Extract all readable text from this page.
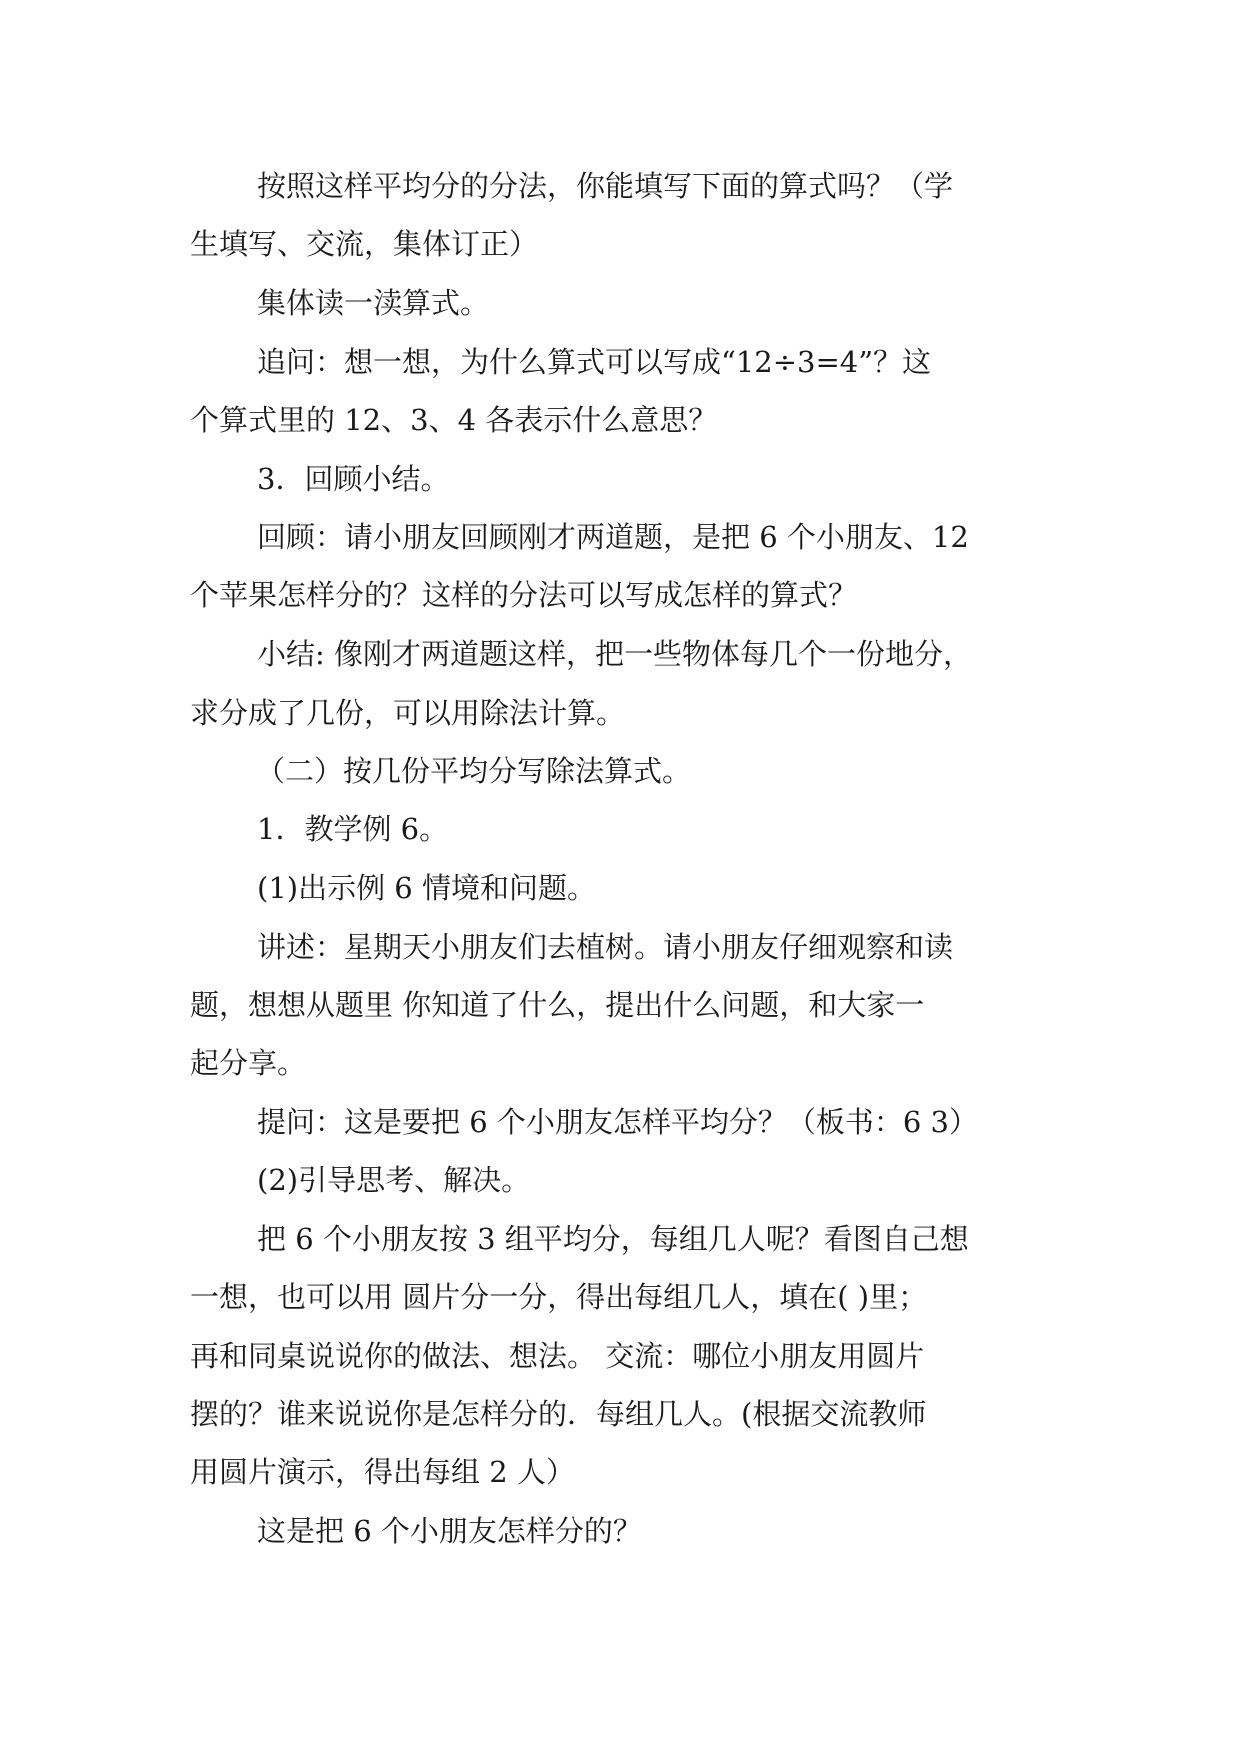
按照这样平均分的分法，你能填写下面的算式吗？（学
生填写、交流，集体订正）
集体读一渎算式。
追问：想一想，为什么算式可以写成“12÷3=4”？这
个算式里的 12、3、4 各表示什么意思？
3．回顾小结。
回顾：请小朋友回顾刚才两道题，是把 6 个小朋友、12
个苹果怎样分的？这样的分法可以写成怎样的算式？
小结: 像刚才两道题这样，把一些物体每几个一份地分，
求分成了几份，可以用除法计算。
（二）按几份平均分写除法算式。
1．教学例 6。
(1)出示例 6 情境和问题。
讲述：星期天小朋友们去植树。请小朋友仔细观察和读
题，想想从题里 你知道了什么，提出什么问题，和大家一
起分享。
提问：这是要把 6 个小朋友怎样平均分？（板书：6 3）
(2)引导思考、解决。
把 6 个小朋友按 3 组平均分，每组几人呢？看图自己想
一想，也可以用 圆片分一分，得出每组几人，填在( )里；
再和同桌说说你的做法、想法。 交流：哪位小朋友用圆片
摆的？谁来说说你是怎样分的．每组几人。(根据交流教师
用圆片演示，得出每组 2 人）
这是把 6 个小朋友怎样分的？
